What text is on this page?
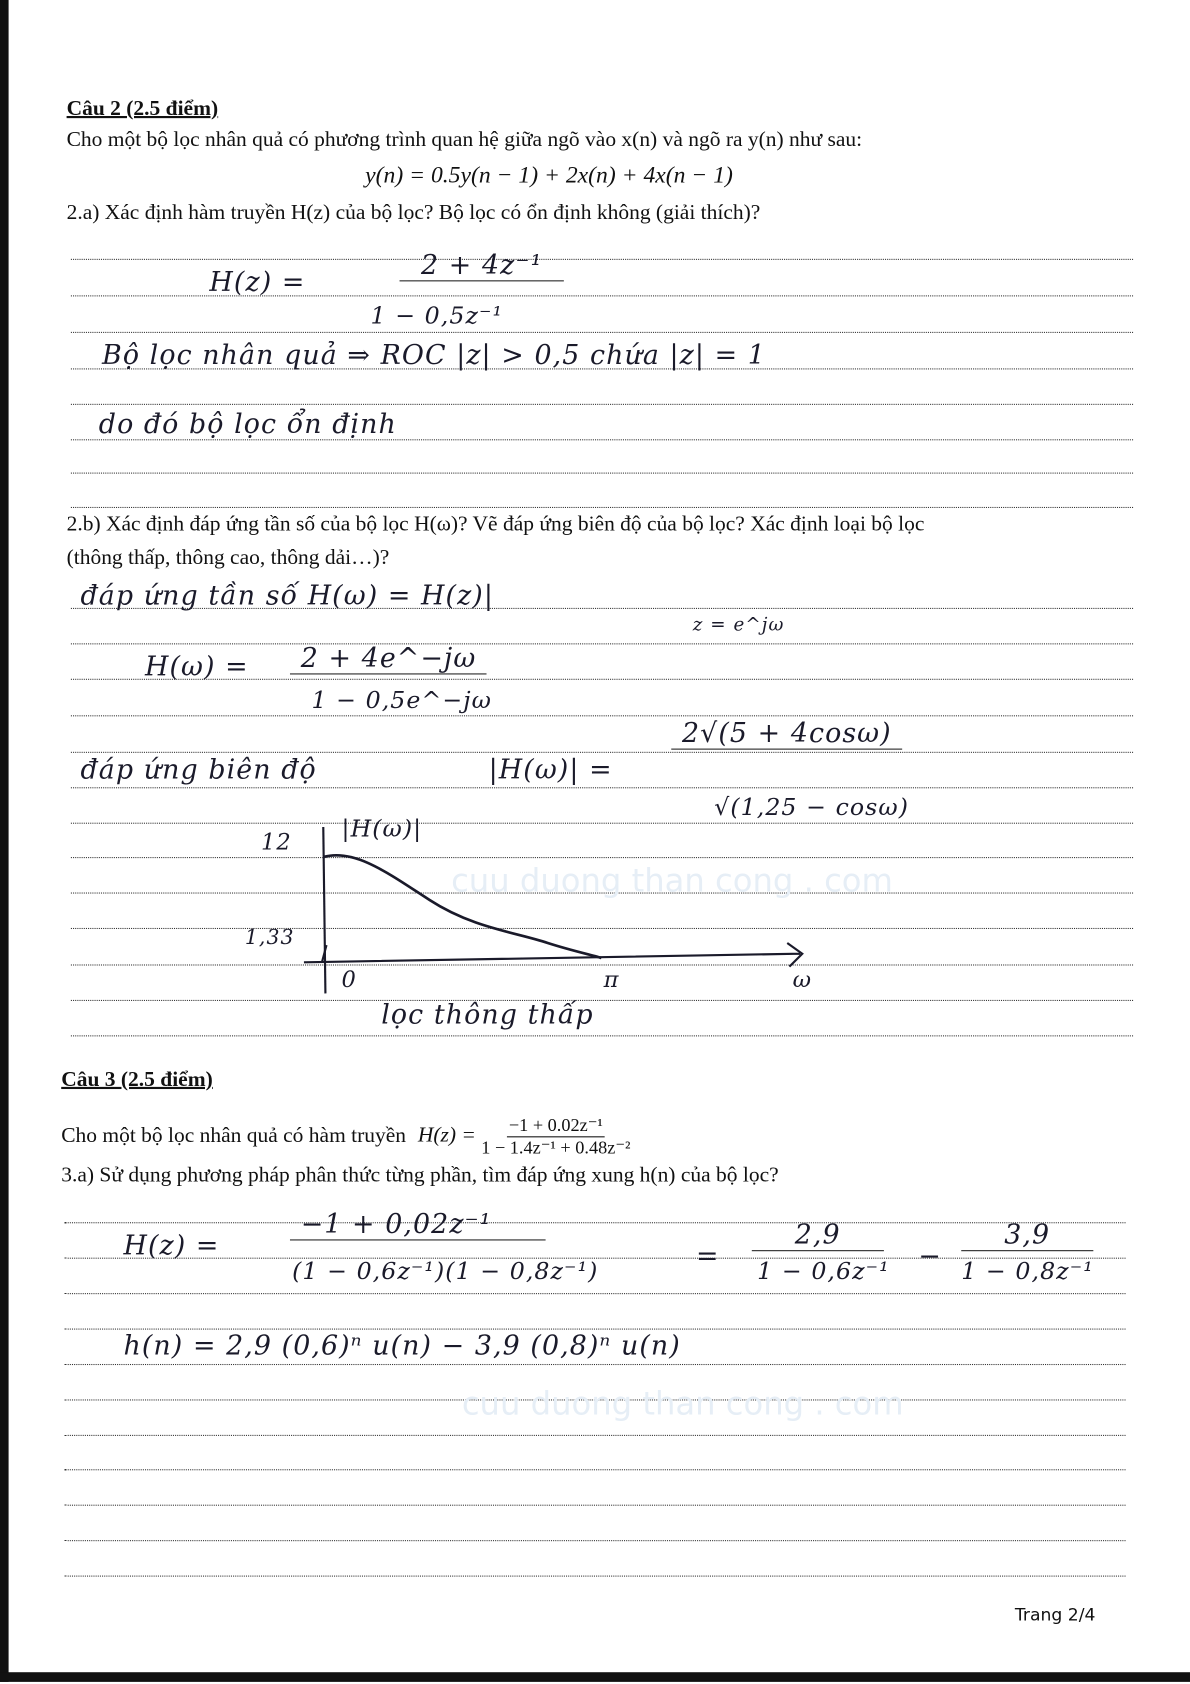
cuu duong than cong . com
cuu duong than cong . com
Câu 2 (2.5 điểm)
Cho một bộ lọc nhân quả có phương trình quan hệ giữa ngõ vào x(n) và ngõ ra y(n) như sau:
y(n) = 0.5y(n − 1) + 2x(n) + 4x(n − 1)
2.a) Xác định hàm truyền H(z) của bộ lọc? Bộ lọc có ổn định không (giải thích)?
H(z) =
2 + 4z⁻¹
1 − 0,5z⁻¹
Bộ lọc nhân quả ⇒ ROC |z| > 0,5 chứa |z| = 1
do đó bộ lọc ổn định
2.b) Xác định đáp ứng tần số của bộ lọc H(ω)? Vẽ đáp ứng biên độ của bộ lọc? Xác định loại bộ lọc
(thông thấp, thông cao, thông dải…)?
đáp ứng tần số H(ω) = H(z)|
z = e^jω
H(ω) =	2 + 4e^−jω
1 − 0,5e^−jω
đáp ứng biên độ	|H(ω)| =
2√(5 + 4cosω)
√(1,25 − cosω)
|H(ω)|
12
1,33
0	π	ω
lọc thông thấp
Câu 3 (2.5 điểm)
Cho một bộ lọc nhân quả có hàm truyền $H(z) = \frac{\text{−1 + 0.02z⁻¹}}{\text{1 − 1.4z⁻¹ + 0.48z⁻²}}$
3.a) Sử dụng phương pháp phân thức từng phần, tìm đáp ứng xung h(n) của bộ lọc?
H(z) =
−1 + 0,02z⁻¹
(1 − 0,6z⁻¹)(1 − 0,8z⁻¹)
=
2,9
1 − 0,6z⁻¹
−
3,9
1 − 0,8z⁻¹
h(n) = 2,9 (0,6)ⁿ u(n) − 3,9 (0,8)ⁿ u(n)
Trang 2/4
